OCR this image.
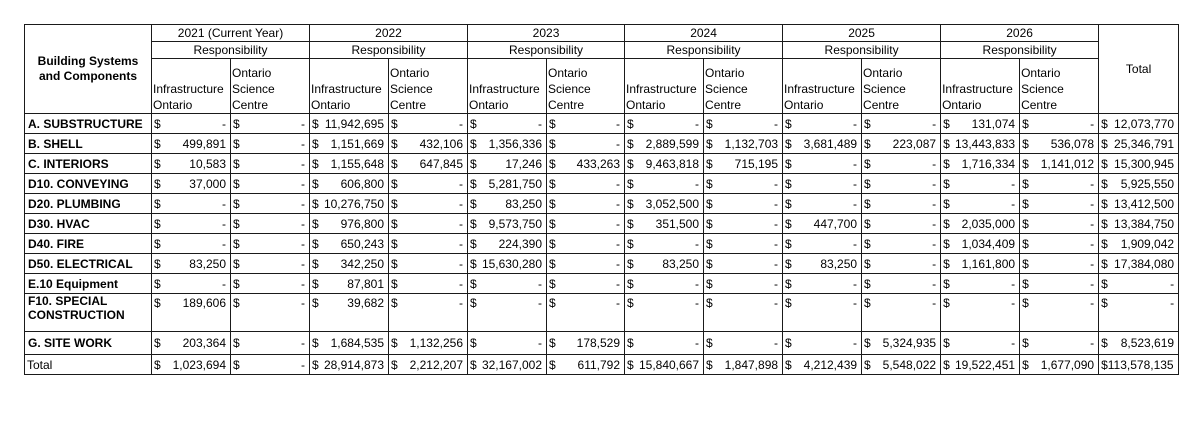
Building Systems and Components	2021 (Current Year)		2022		2023		2024		2025		2026		Total
	Responsibility		Responsibility		Responsibility		Responsibility		Responsibility		Responsibility		
	Infrastructure Ontario	Ontario Science Centre	Infrastructure Ontario	Ontario Science Centre	Infrastructure Ontario	Ontario Science Centre	Infrastructure Ontario	Ontario Science Centre	Infrastructure Ontario	Ontario Science Centre	Infrastructure Ontario	Ontario Science Centre	
A. SUBSTRUCTURE	$ -	$ -	$ 11,942,695	$ -	$ -	$ -	$ -	$ -	$ -	$ -	$ 131,074	$ -	$ 12,073,770

B. SHELL	$ 499,891	$ -	$ 1,151,669	$ 432,106	$ 1,356,336	$ -	$ 2,889,599	$ 1,132,703	$ 3,681,489	$ 223,087	$ 13,443,833	$ 536,078	$ 25,346,791

C. INTERIORS	$ 10,583	$ -	$ 1,155,648	$ 647,845	$ 17,246	$ 433,263	$ 9,463,818	$ 715,195	$ -	$ -	$ 1,716,334	$ 1,141,012	$ 15,300,945

D10. CONVEYING	$ 37,000	$ -	$ 606,800	$ -	$ 5,281,750	$ -	$ -	$ -	$ -	$ -	$ -	$ -	$ 5,925,550

D20. PLUMBING	$ -	$ -	$ 10,276,750	$ -	$ 83,250	$ -	$ 3,052,500	$ -	$ -	$ -	$ -	$ -	$ 13,412,500

D30. HVAC	$ -	$ -	$ 976,800	$ -	$ 9,573,750	$ -	$ 351,500	$ -	$ 447,700	$ -	$ 2,035,000	$ -	$ 13,384,750

D40. FIRE	$ -	$ -	$ 650,243	$ -	$ 224,390	$ -	$ -	$ -	$ -	$ -	$ 1,034,409	$ -	$ 1,909,042

D50. ELECTRICAL	$ 83,250	$ -	$ 342,250	$ -	$ 15,630,280	$ -	$ 83,250	$ -	$ 83,250	$ -	$ 1,161,800	$ -	$ 17,384,080

E.10 Equipment	$ -	$ -	$ 87,801	$ -	$ -	$ -	$ -	$ -	$ -	$ -	$ -	$ -	$ -

F10. SPECIAL CONSTRUCTION	$ 189,606	$ -	$ 39,682	$ -	$ -	$ -	$ -	$ -	$ -	$ -	$ -	$ -	$ -

G. SITE WORK	$ 203,364	$ -	$ 1,684,535	$ 1,132,256	$ -	$ 178,529	$ -	$ -	$ -	$ 5,324,935	$ -	$ -	$ 8,523,619

Total	$ 1,023,694	$ -	$ 28,914,873	$ 2,212,207	$ 32,167,002	$ 611,792	$ 15,840,667	$ 1,847,898	$ 4,212,439	$ 5,548,022	$ 19,522,451	$ 1,677,090	$113,578,135
